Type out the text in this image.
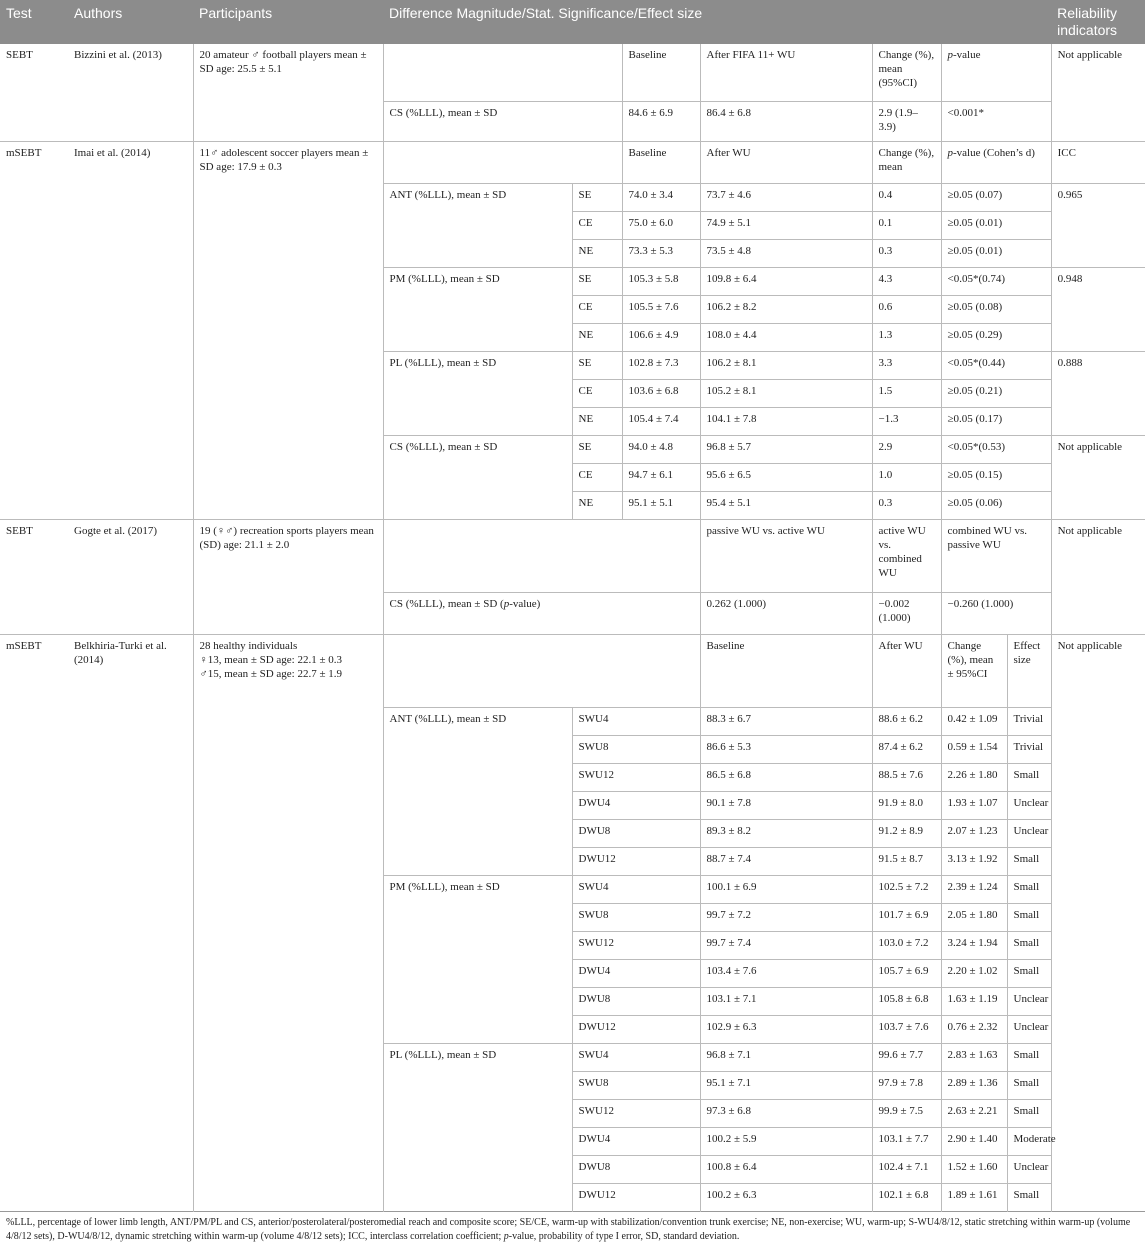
Test	Authors	Participants	Difference Magnitude/Stat. Significance/Effect size							Reliability indicators
SEBT	Bizzini et al. (2013)	20 amateur ♂ football players mean ± SD age: 25.5 ± 5.1			Baseline	After FIFA 11+ WU	Change (%), mean (95%CI)	p-value		Not applicable
			CS (%LLL), mean ± SD		84.6 ± 6.9	86.4 ± 6.8	2.9 (1.9–3.9)	<0.001*		
mSEBT	Imai et al. (2014)	11♂ adolescent soccer players mean ± SD age: 17.9 ± 0.3			Baseline	After WU	Change (%), mean	p-value (Cohen’s d)		ICC
			ANT (%LLL), mean ± SD	SE	74.0 ± 3.4	73.7 ± 4.6	0.4	≥0.05 (0.07)		0.965
				CE	75.0 ± 6.0	74.9 ± 5.1	0.1	≥0.05 (0.01)		
				NE	73.3 ± 5.3	73.5 ± 4.8	0.3	≥0.05 (0.01)		
			PM (%LLL), mean ± SD	SE	105.3 ± 5.8	109.8 ± 6.4	4.3	<0.05*(0.74)		0.948
				CE	105.5 ± 7.6	106.2 ± 8.2	0.6	≥0.05 (0.08)		
				NE	106.6 ± 4.9	108.0 ± 4.4	1.3	≥0.05 (0.29)		
			PL (%LLL), mean ± SD	SE	102.8 ± 7.3	106.2 ± 8.1	3.3	<0.05*(0.44)		0.888
				CE	103.6 ± 6.8	105.2 ± 8.1	1.5	≥0.05 (0.21)		
				NE	105.4 ± 7.4	104.1 ± 7.8	−1.3	≥0.05 (0.17)		
			CS (%LLL), mean ± SD	SE	94.0 ± 4.8	96.8 ± 5.7	2.9	<0.05*(0.53)		Not applicable
				CE	94.7 ± 6.1	95.6 ± 6.5	1.0	≥0.05 (0.15)		
				NE	95.1 ± 5.1	95.4 ± 5.1	0.3	≥0.05 (0.06)		
SEBT	Gogte et al. (2017)	19 (♀♂) recreation sports players mean (SD) age: 21.1 ± 2.0				passive WU vs. active WU	active WU vs. combined WU	combined WU vs. passive WU		Not applicable
			CS (%LLL), mean ± SD (p-value)			0.262 (1.000)	−0.002 (1.000)	−0.260 (1.000)		
mSEBT	Belkhiria-Turki et al. (2014)	28 healthy individuals
♀13, mean ± SD age: 22.1 ± 0.3
♂15, mean ± SD age: 22.7 ± 1.9				Baseline	After WU	Change (%), mean ± 95%CI	Effect size	Not applicable
			ANT (%LLL), mean ± SD	SWU4		88.3 ± 6.7	88.6 ± 6.2	0.42 ± 1.09	Trivial	
				SWU8		86.6 ± 5.3	87.4 ± 6.2	0.59 ± 1.54	Trivial	
				SWU12		86.5 ± 6.8	88.5 ± 7.6	2.26 ± 1.80	Small	
				DWU4		90.1 ± 7.8	91.9 ± 8.0	1.93 ± 1.07	Unclear	
				DWU8		89.3 ± 8.2	91.2 ± 8.9	2.07 ± 1.23	Unclear	
				DWU12		88.7 ± 7.4	91.5 ± 8.7	3.13 ± 1.92	Small	
			PM (%LLL), mean ± SD	SWU4		100.1 ± 6.9	102.5 ± 7.2	2.39 ± 1.24	Small	
				SWU8		99.7 ± 7.2	101.7 ± 6.9	2.05 ± 1.80	Small	
				SWU12		99.7 ± 7.4	103.0 ± 7.2	3.24 ± 1.94	Small	
				DWU4		103.4 ± 7.6	105.7 ± 6.9	2.20 ± 1.02	Small	
				DWU8		103.1 ± 7.1	105.8 ± 6.8	1.63 ± 1.19	Unclear	
				DWU12		102.9 ± 6.3	103.7 ± 7.6	0.76 ± 2.32	Unclear	
			PL (%LLL), mean ± SD	SWU4		96.8 ± 7.1	99.6 ± 7.7	2.83 ± 1.63	Small	
				SWU8		95.1 ± 7.1	97.9 ± 7.8	2.89 ± 1.36	Small	
				SWU12		97.3 ± 6.8	99.9 ± 7.5	2.63 ± 2.21	Small	
				DWU4		100.2 ± 5.9	103.1 ± 7.7	2.90 ± 1.40	Moderate	
				DWU8		100.8 ± 6.4	102.4 ± 7.1	1.52 ± 1.60	Unclear	
				DWU12		100.2 ± 6.3	102.1 ± 6.8	1.89 ± 1.61	Small	
%LLL, percentage of lower limb length, ANT/PM/PL and CS, anterior/posterolateral/posteromedial reach and composite score; SE/CE, warm-up with stabilization/convention trunk exercise; NE, non-exercise; WU, warm-up; S-WU4/8/12, static stretching within warm-up (volume 4/8/12 sets), D-WU4/8/12, dynamic stretching within warm-up (volume 4/8/12 sets); ICC, interclass correlation coefficient; p-value, probability of type I error, SD, standard deviation.										
